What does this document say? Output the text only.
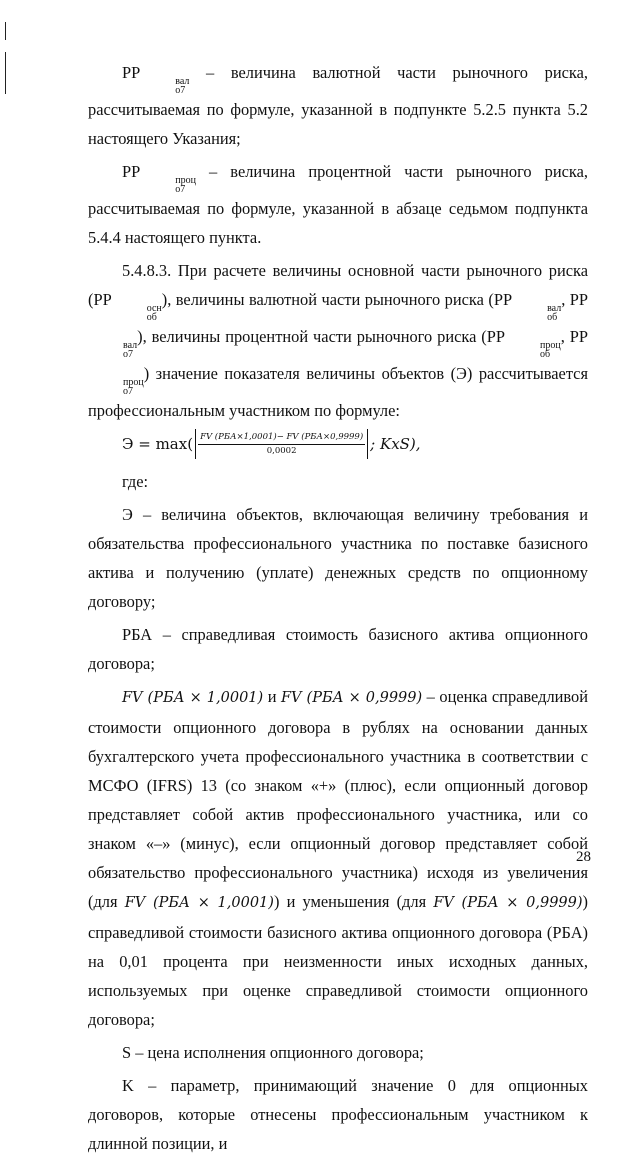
РР	вал
о7
– величина валютной части рыночного риска, рассчитываемая по формуле, указанной в подпункте 5.2.5 пункта 5.2 настоящего Указания;

РР	проц
о7
– величина процентной части рыночного риска, рассчитываемая по формуле, указанной в абзаце седьмом подпункта 5.4.4 настоящего пункта.

5.4.8.3. При расчете величины основной части рыночного риска (РР	осн
об
), величины валютной части рыночного риска (РР	вал
об
, РР
вал
о7
), величины процентной части рыночного риска (РР	проц
об
, РР
проц
о7
) значение показателя величины объектов (Э) рассчитывается профессиональным участником по формуле:

$Э = \max( \frac{\text{FV (PБА×1,0001)− FV (PБА×0,9999)}}{0,0002}$ ; KxS),

где:

Э – величина объектов, включающая величину требования и обязательства профессионального участника по поставке базисного актива и получению (уплате) денежных средств по опционному договору;

РБА – справедливая стоимость базисного актива опционного договора;

FV (PБА × 1,0001) и FV (PБА × 0,9999) – оценка справедливой стоимости опционного договора в рублях на основании данных бухгалтерского учета профессионального участника в соответствии с МСФО (IFRS) 13 (со знаком «+» (плюс), если опционный договор представляет собой актив профессионального участника, или со знаком «–» (минус), если опционный договор представляет собой обязательство профессионального участника) исходя из увеличения (для FV (PБА × 1,0001)) и уменьшения (для FV (PБА × 0,9999)) справедливой стоимости базисного актива опционного договора (РБА) на 0,01 процента при неизменности иных исходных данных, используемых при оценке справедливой стоимости опционного договора;

S – цена исполнения опционного договора;

K – параметр, принимающий значение 0 для опционных договоров, которые отнесены профессиональным участником к длинной позиции, и

28
